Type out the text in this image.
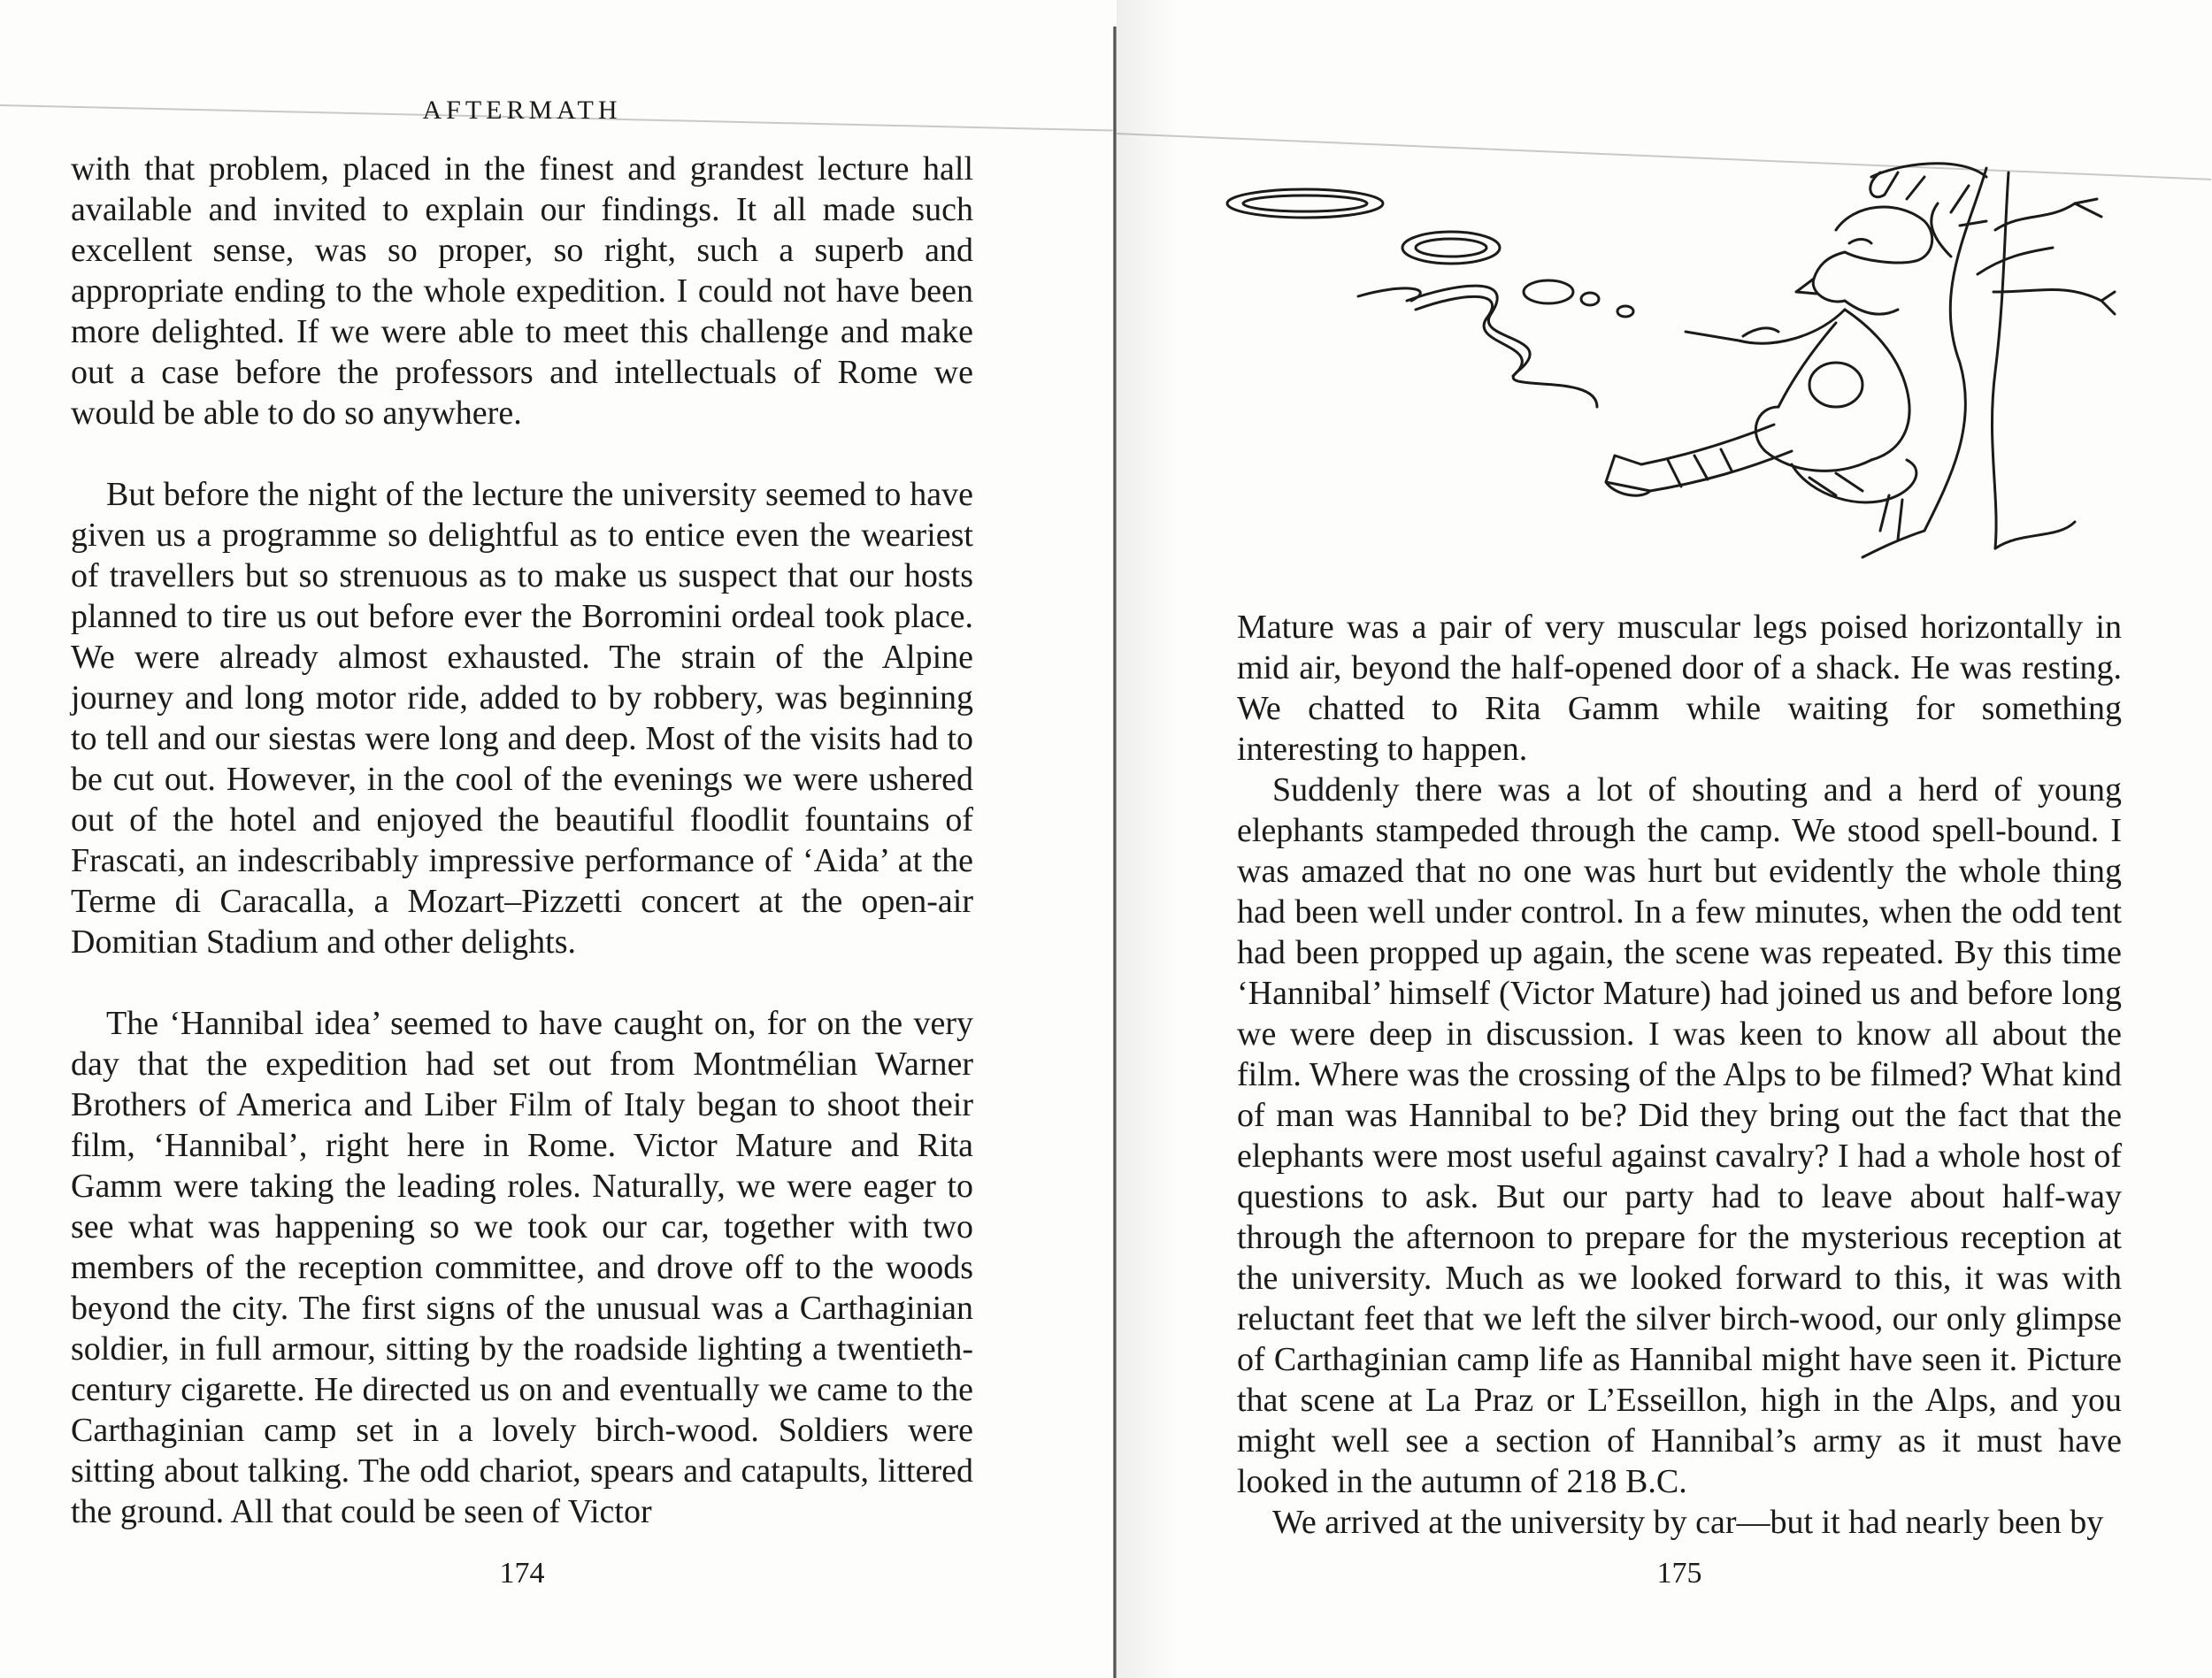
AFTERMATH

with that problem, placed in the finest and grandest lecture hall available and invited to explain our findings. It all made such excellent sense, was so proper, so right, such a superb and appropriate ending to the whole expedition. I could not have been more delighted. If we were able to meet this challenge and make out a case before the professors and intellectuals of Rome we would be able to do so anywhere.

But before the night of the lecture the university seemed to have given us a programme so delightful as to entice even the weariest of travellers but so strenuous as to make us suspect that our hosts planned to tire us out before ever the Borromini ordeal took place. We were already almost exhausted. The strain of the Alpine journey and long motor ride, added to by robbery, was beginning to tell and our siestas were long and deep. Most of the visits had to be cut out. However, in the cool of the evenings we were ushered out of the hotel and enjoyed the beautiful floodlit fountains of Frascati, an indescribably impressive performance of ‘Aida’ at the Terme di Caracalla, a Mozart–Pizzetti concert at the open-air Domitian Stadium and other delights.

The ‘Hannibal idea’ seemed to have caught on, for on the very day that the expedition had set out from Montmélian Warner Brothers of America and Liber Film of Italy began to shoot their film, ‘Hannibal’, right here in Rome. Victor Mature and Rita Gamm were taking the leading roles. Naturally, we were eager to see what was happening so we took our car, together with two members of the reception committee, and drove off to the woods beyond the city. The first signs of the unusual was a Carthaginian soldier, in full armour, sitting by the roadside lighting a twentieth-century cigarette. He directed us on and eventually we came to the Carthaginian camp set in a lovely birch-wood. Soldiers were sitting about talking. The odd chariot, spears and catapults, littered the ground. All that could be seen of Victor

174

Mature was a pair of very muscular legs poised horizontally in mid air, beyond the half-opened door of a shack. He was resting. We chatted to Rita Gamm while waiting for something interesting to happen.

Suddenly there was a lot of shouting and a herd of young elephants stampeded through the camp. We stood spell-bound. I was amazed that no one was hurt but evidently the whole thing had been well under control. In a few minutes, when the odd tent had been propped up again, the scene was repeated. By this time ‘Hannibal’ himself (Victor Mature) had joined us and before long we were deep in discussion. I was keen to know all about the film. Where was the crossing of the Alps to be filmed? What kind of man was Hannibal to be? Did they bring out the fact that the elephants were most useful against cavalry? I had a whole host of questions to ask. But our party had to leave about half-way through the afternoon to prepare for the mysterious reception at the university. Much as we looked forward to this, it was with reluctant feet that we left the silver birch-wood, our only glimpse of Carthaginian camp life as Hannibal might have seen it. Picture that scene at La Praz or L’Esseillon, high in the Alps, and you might well see a section of Hannibal’s army as it must have looked in the autumn of 218 B.C.

We arrived at the university by car—but it had nearly been by

175
